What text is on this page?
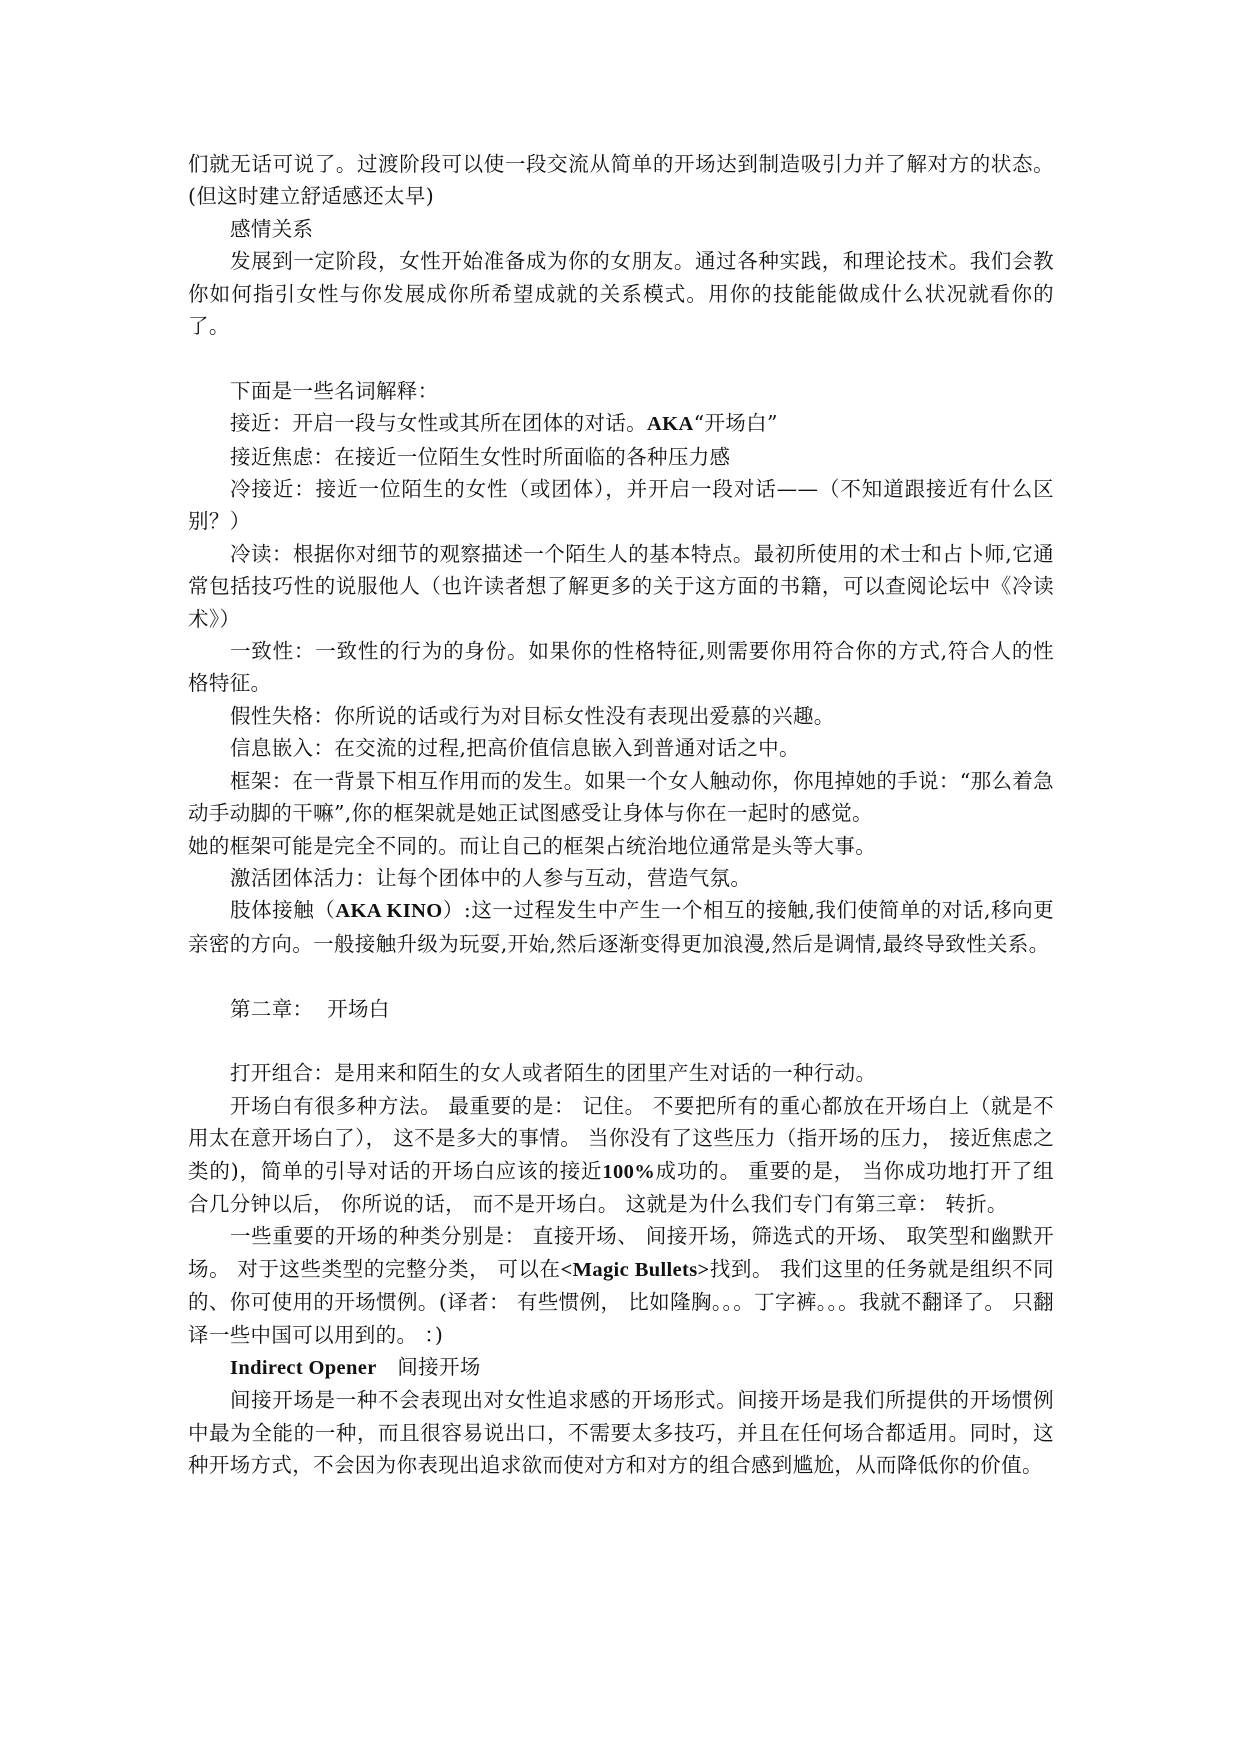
们就无话可说了。过渡阶段可以使一段交流从简单的开场达到制造吸引力并了解对方的状态。(但这时建立舒适感还太早)

感情关系

发展到一定阶段，女性开始准备成为你的女朋友。通过各种实践，和理论技术。我们会教你如何指引女性与你发展成你所希望成就的关系模式。用你的技能能做成什么状况就看你的了。

下面是一些名词解释：

接近：开启一段与女性或其所在团体的对话。AKA“开场白”

接近焦虑：在接近一位陌生女性时所面临的各种压力感

冷接近：接近一位陌生的女性（或团体），并开启一段对话——（不知道跟接近有什么区别？）

冷读：根据你对细节的观察描述一个陌生人的基本特点。最初所使用的术士和占卜师,它通常包括技巧性的说服他人（也许读者想了解更多的关于这方面的书籍，可以查阅论坛中《冷读术》）

一致性：一致性的行为的身份。如果你的性格特征,则需要你用符合你的方式,符合人的性格特征。

假性失格：你所说的话或行为对目标女性没有表现出爱慕的兴趣。

信息嵌入：在交流的过程,把高价值信息嵌入到普通对话之中。

框架：在一背景下相互作用而的发生。如果一个女人触动你，你甩掉她的手说：“那么着急动手动脚的干嘛”,你的框架就是她正试图感受让身体与你在一起时的感觉。

她的框架可能是完全不同的。而让自己的框架占统治地位通常是头等大事。

激活团体活力：让每个团体中的人参与互动，营造气氛。

肢体接触（AKA KINO）:这一过程发生中产生一个相互的接触,我们使简单的对话,移向更亲密的方向。一般接触升级为玩耍,开始,然后逐渐变得更加浪漫,然后是调情,最终导致性关系。

第二章：  开场白

打开组合：是用来和陌生的女人或者陌生的团里产生对话的一种行动。

开场白有很多种方法。 最重要的是： 记住。 不要把所有的重心都放在开场白上（就是不用太在意开场白了）， 这不是多大的事情。 当你没有了这些压力（指开场的压力， 接近焦虑之类的)，简单的引导对话的开场白应该的接近100%成功的。 重要的是， 当你成功地打开了组合几分钟以后， 你所说的话， 而不是开场白。 这就是为什么我们专门有第三章： 转折。

一些重要的开场的种类分别是： 直接开场、 间接开场，筛选式的开场、 取笑型和幽默开场。 对于这些类型的完整分类， 可以在<Magic Bullets>找到。 我们这里的任务就是组织不同的、你可使用的开场惯例。(译者： 有些惯例， 比如隆胸。。。丁字裤。。。我就不翻译了。 只翻译一些中国可以用到的。 ：)

Indirect Opener 间接开场

间接开场是一种不会表现出对女性追求感的开场形式。间接开场是我们所提供的开场惯例中最为全能的一种，而且很容易说出口，不需要太多技巧，并且在任何场合都适用。同时，这种开场方式，不会因为你表现出追求欲而使对方和对方的组合感到尴尬，从而降低你的价值。
